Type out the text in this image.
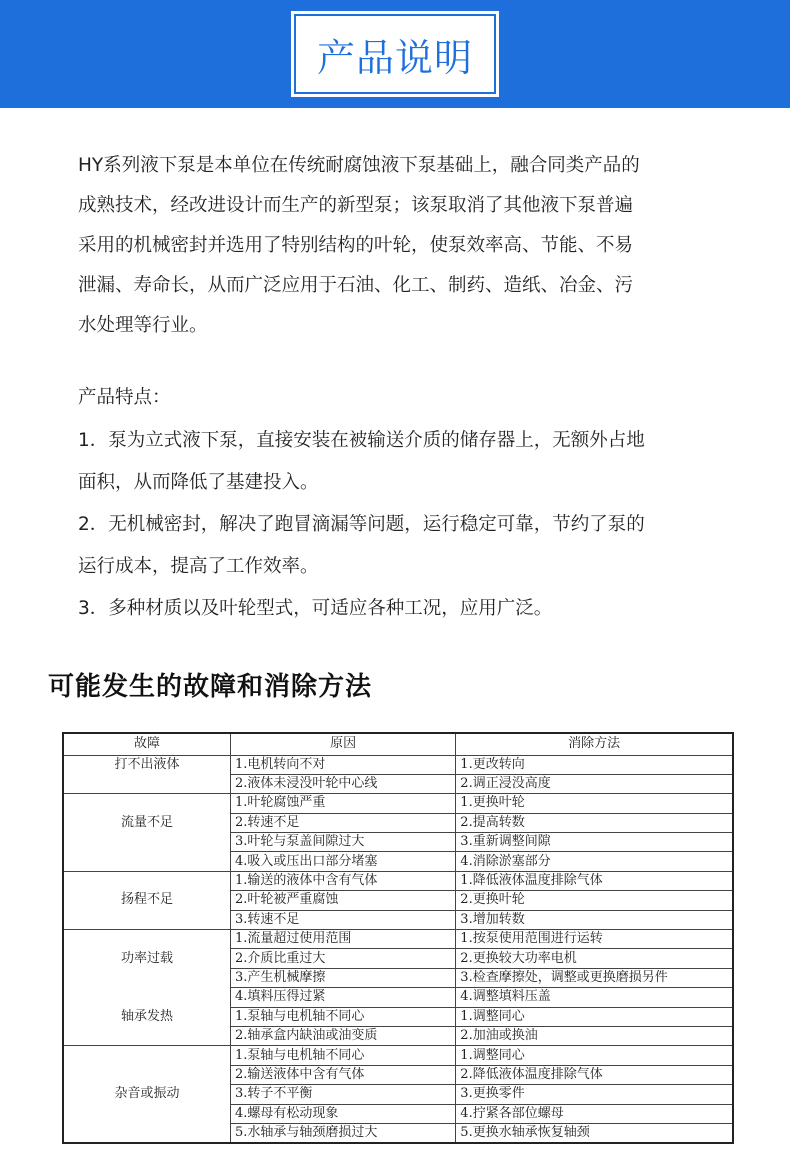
产品说明
HY系列液下泵是本单位在传统耐腐蚀液下泵基础上，融合同类产品的
成熟技术，经改进设计而生产的新型泵；该泵取消了其他液下泵普遍
采用的机械密封并选用了特别结构的叶轮，使泵效率高、节能、不易
泄漏、寿命长，从而广泛应用于石油、化工、制药、造纸、冶金、污
水处理等行业。
产品特点：
1．泵为立式液下泵，直接安装在被输送介质的储存器上，无额外占地
面积，从而降低了基建投入。
2．无机械密封，解决了跑冒滴漏等问题，运行稳定可靠，节约了泵的
运行成本，提高了工作效率。
3．多种材质以及叶轮型式，可适应各种工况，应用广泛。
可能发生的故障和消除方法
故障	原因	消除方法
打不出液体	1.电机转向不对	1.更改转向
	2.液体未浸没叶轮中心线	2.调正浸没高度
	1.叶轮腐蚀严重	1.更换叶轮
流量不足	2.转速不足	2.提高转数
	3.叶轮与泵盖间隙过大	3.重新调整间隙
	4.吸入或压出口部分堵塞	4.消除淤塞部分
	1.输送的液体中含有气体	1.降低液体温度排除气体
扬程不足	2.叶轮被严重腐蚀	2.更换叶轮
	3.转速不足	3.增加转数
	1.流量超过使用范围	1.按泵使用范围进行运转
功率过载	2.介质比重过大	2.更换较大功率电机
	3.产生机械摩擦	3.检查摩擦处，调整或更换磨损另件
	4.填料压得过紧	4.调整填料压盖
轴承发热	1.泵轴与电机轴不同心	1.调整同心
	2.轴承盒内缺油或油变质	2.加油或换油
	1.泵轴与电机轴不同心	1.调整同心
	2.输送液体中含有气体	2.降低液体温度排除气体
杂音或振动	3.转子不平衡	3.更换零件
	4.螺母有松动现象	4.拧紧各部位螺母
	5.水轴承与轴颈磨损过大	5.更换水轴承恢复轴颈
